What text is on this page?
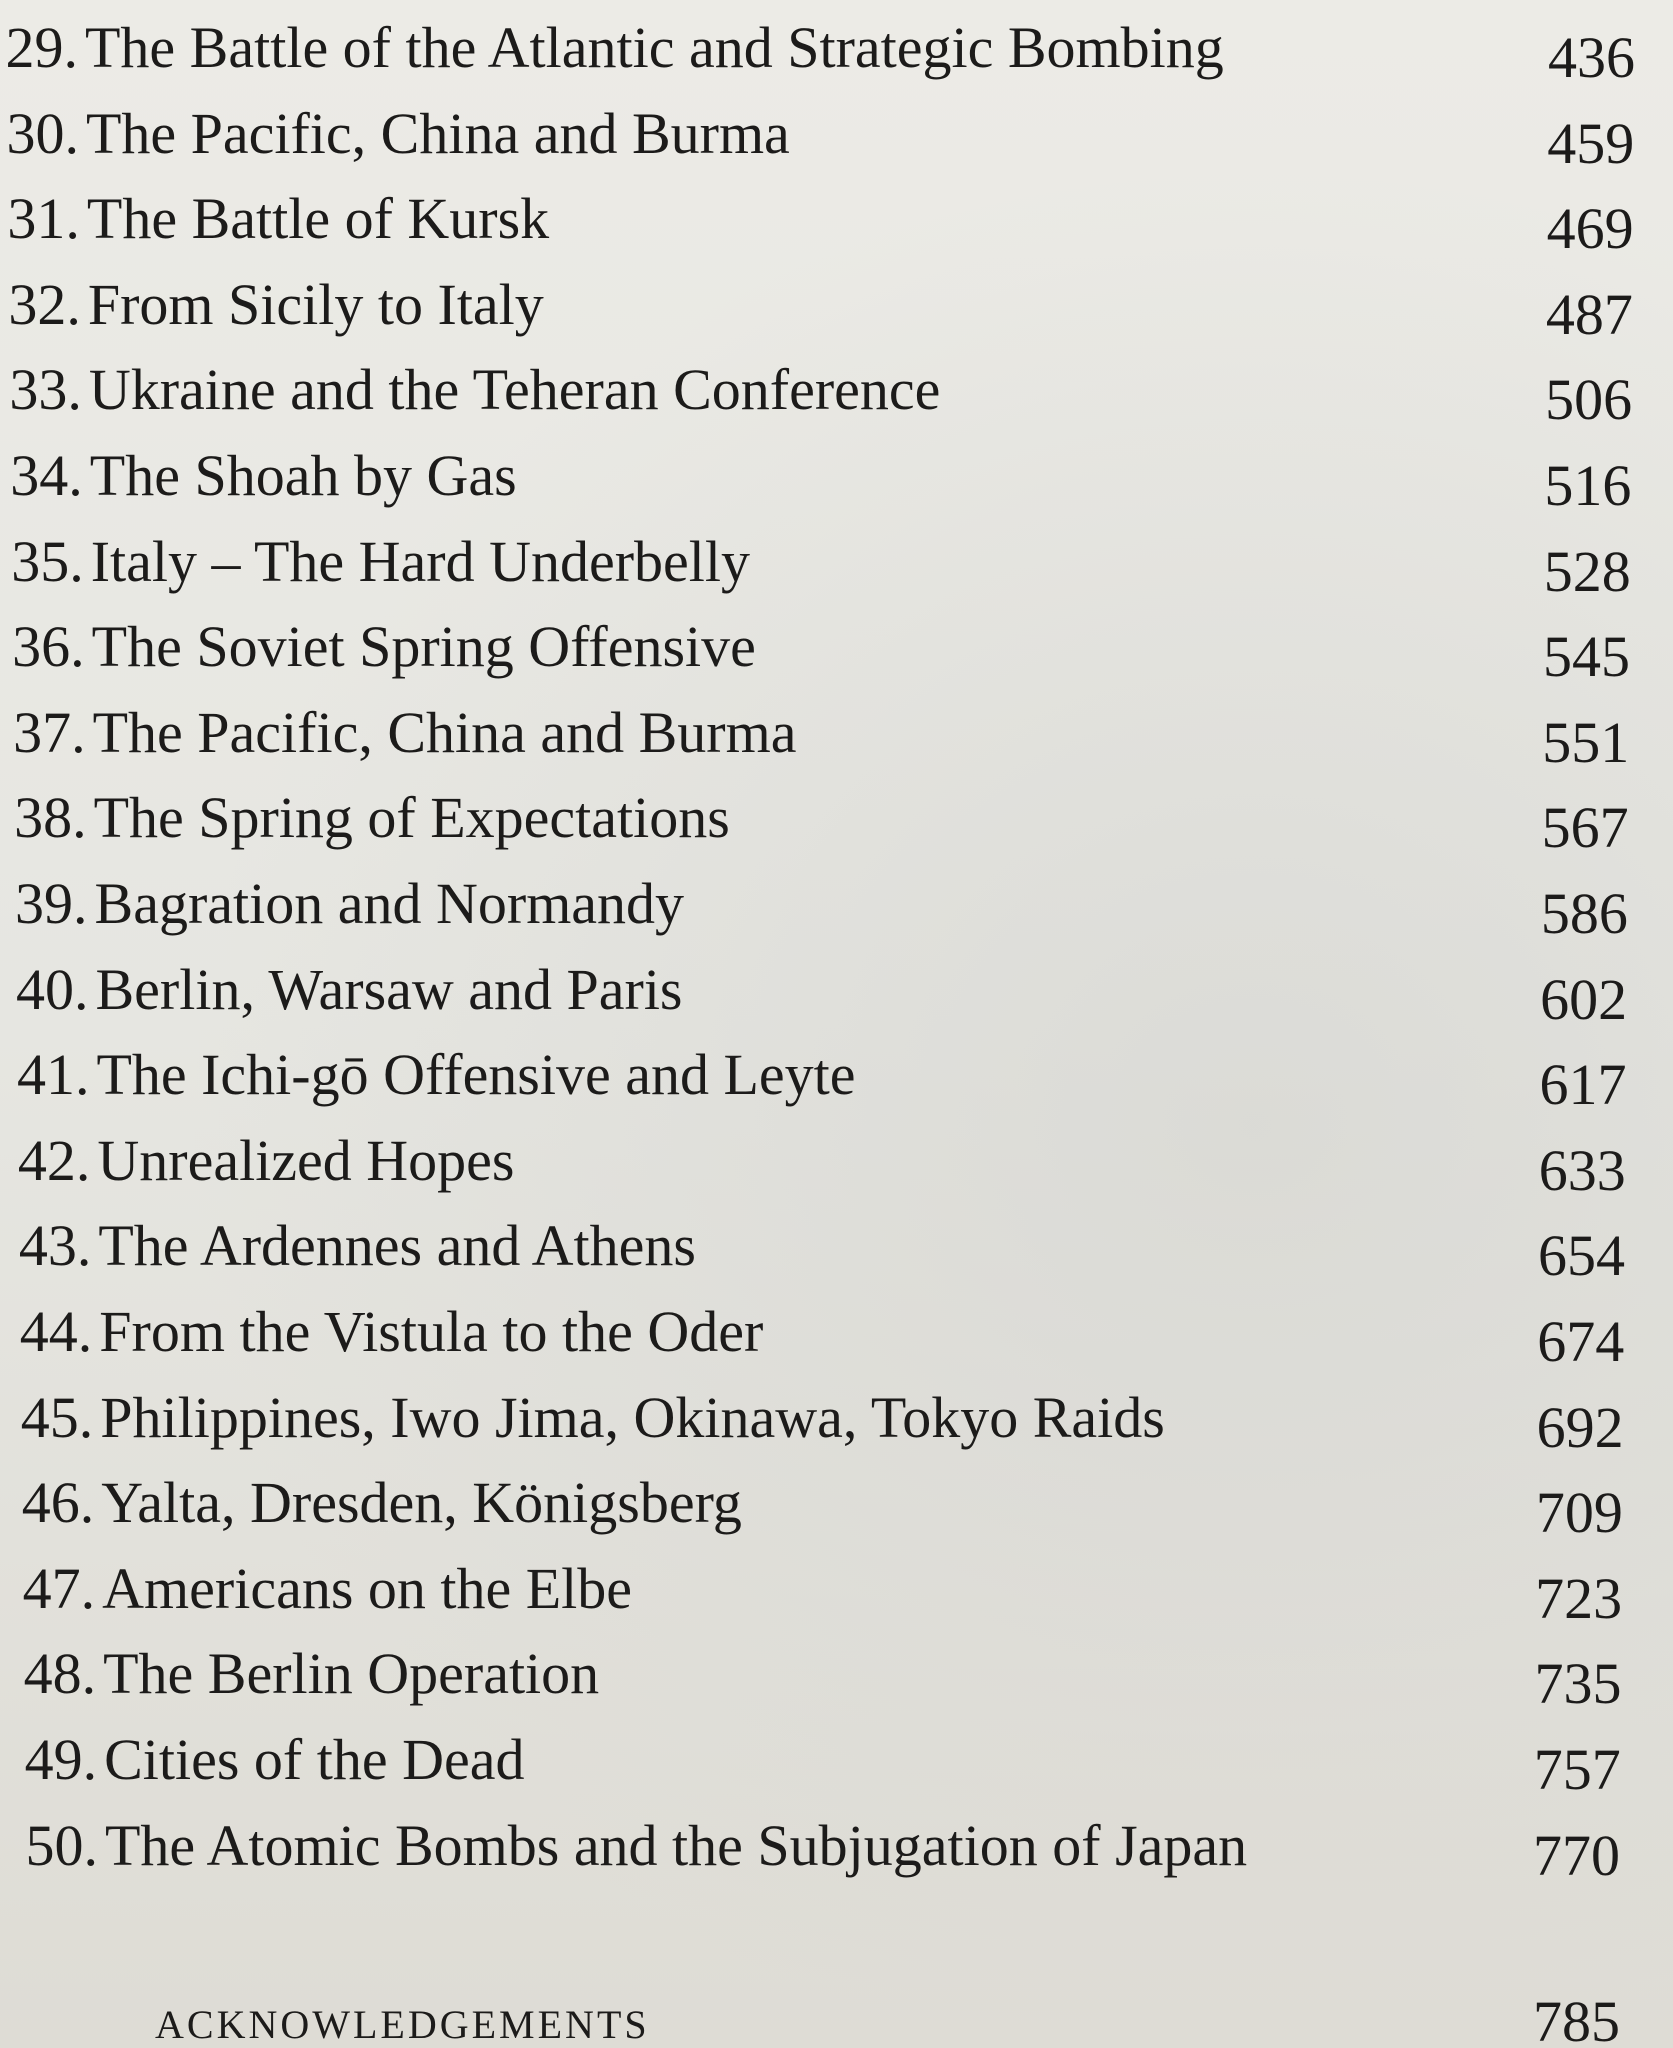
29. The Battle of the Atlantic and Strategic Bombing	436
30. The Pacific, China and Burma	459
31. The Battle of Kursk	469
32. From Sicily to Italy	487
33. Ukraine and the Teheran Conference	506
34. The Shoah by Gas	516
35. Italy – The Hard Underbelly	528
36. The Soviet Spring Offensive	545
37. The Pacific, China and Burma	551
38. The Spring of Expectations	567
39. Bagration and Normandy	586
40. Berlin, Warsaw and Paris	602
41. The Ichi-gō Offensive and Leyte	617
42. Unrealized Hopes	633
43. The Ardennes and Athens	654
44. From the Vistula to the Oder	674
45. Philippines, Iwo Jima, Okinawa, Tokyo Raids	692
46. Yalta, Dresden, Königsberg	709
47. Americans on the Elbe	723
48. The Berlin Operation	735
49. Cities of the Dead	757
50. The Atomic Bombs and the Subjugation of Japan	770
ACKNOWLEDGEMENTS	785
